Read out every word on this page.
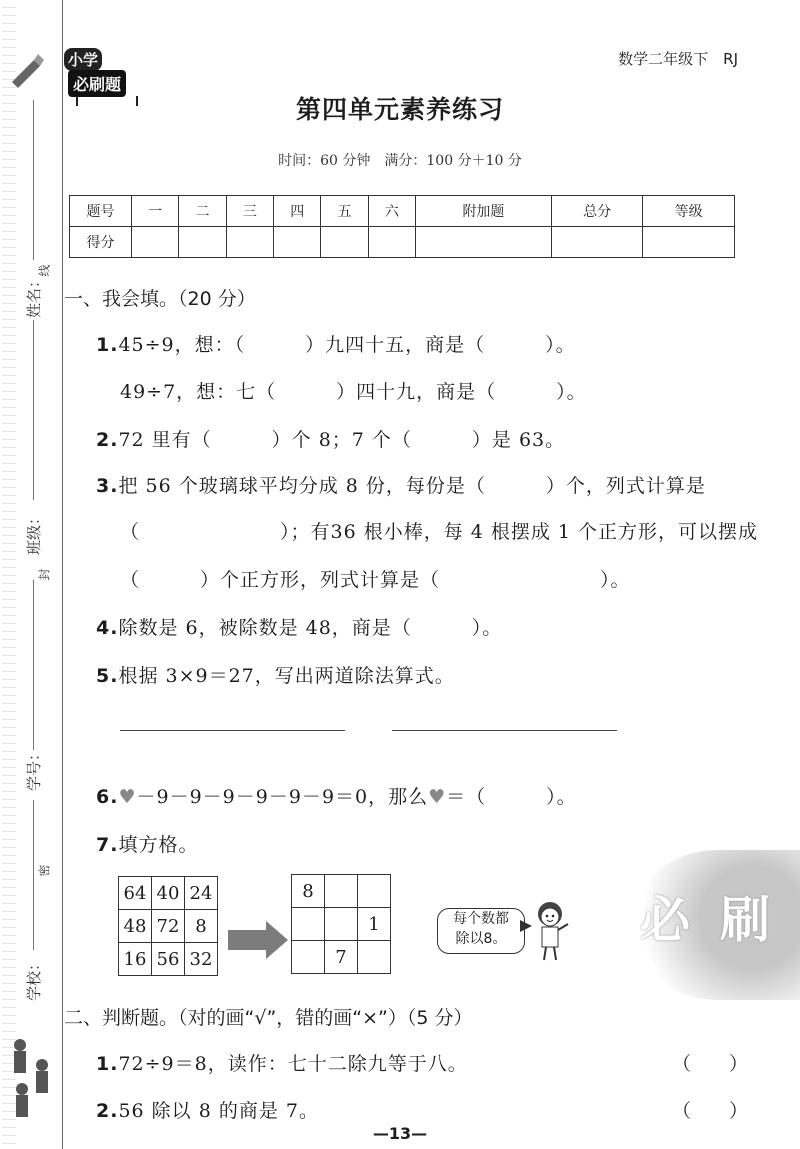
姓名：
线
班级：
封
学号：
密
学校：
小学
必刷题
数学二年级下　RJ
第四单元素养练习
时间：60 分钟　满分：100 分＋10 分
题号	一	二	三	四	五	六	附加题	总分	等级
得分									
一、我会填。（20 分）
1.45÷9，想：（　　　）九四十五，商是（　　　）。
49÷7，想：七（　　　）四十九，商是（　　　）。
2.72 里有（　　　）个 8；7 个（　　　）是 63。
3.把 56 个玻璃球平均分成 8 份，每份是（　　　）个，列式计算是
（　　　　　　　）；有36 根小棒，每 4 根摆成 1 个正方形，可以摆成
（　　　）个正方形，列式计算是（　　　　　　　　）。
4.除数是 6，被除数是 48，商是（　　　）。
5.根据 3×9＝27，写出两道除法算式。
6.♥－9－9－9－9－9－9＝0，那么♥＝（　　　）。
7.填方格。
64	40	24
48	72	8
16	56	32
8		
		1
	7	
每个数都
除以8。	必刷
二、判断题。（对的画“√”，错的画“×”）（5 分）
1.72÷9＝8，读作：七十二除九等于八。	（ ）
2.56 除以 8 的商是 7。	（ ）
—13—
